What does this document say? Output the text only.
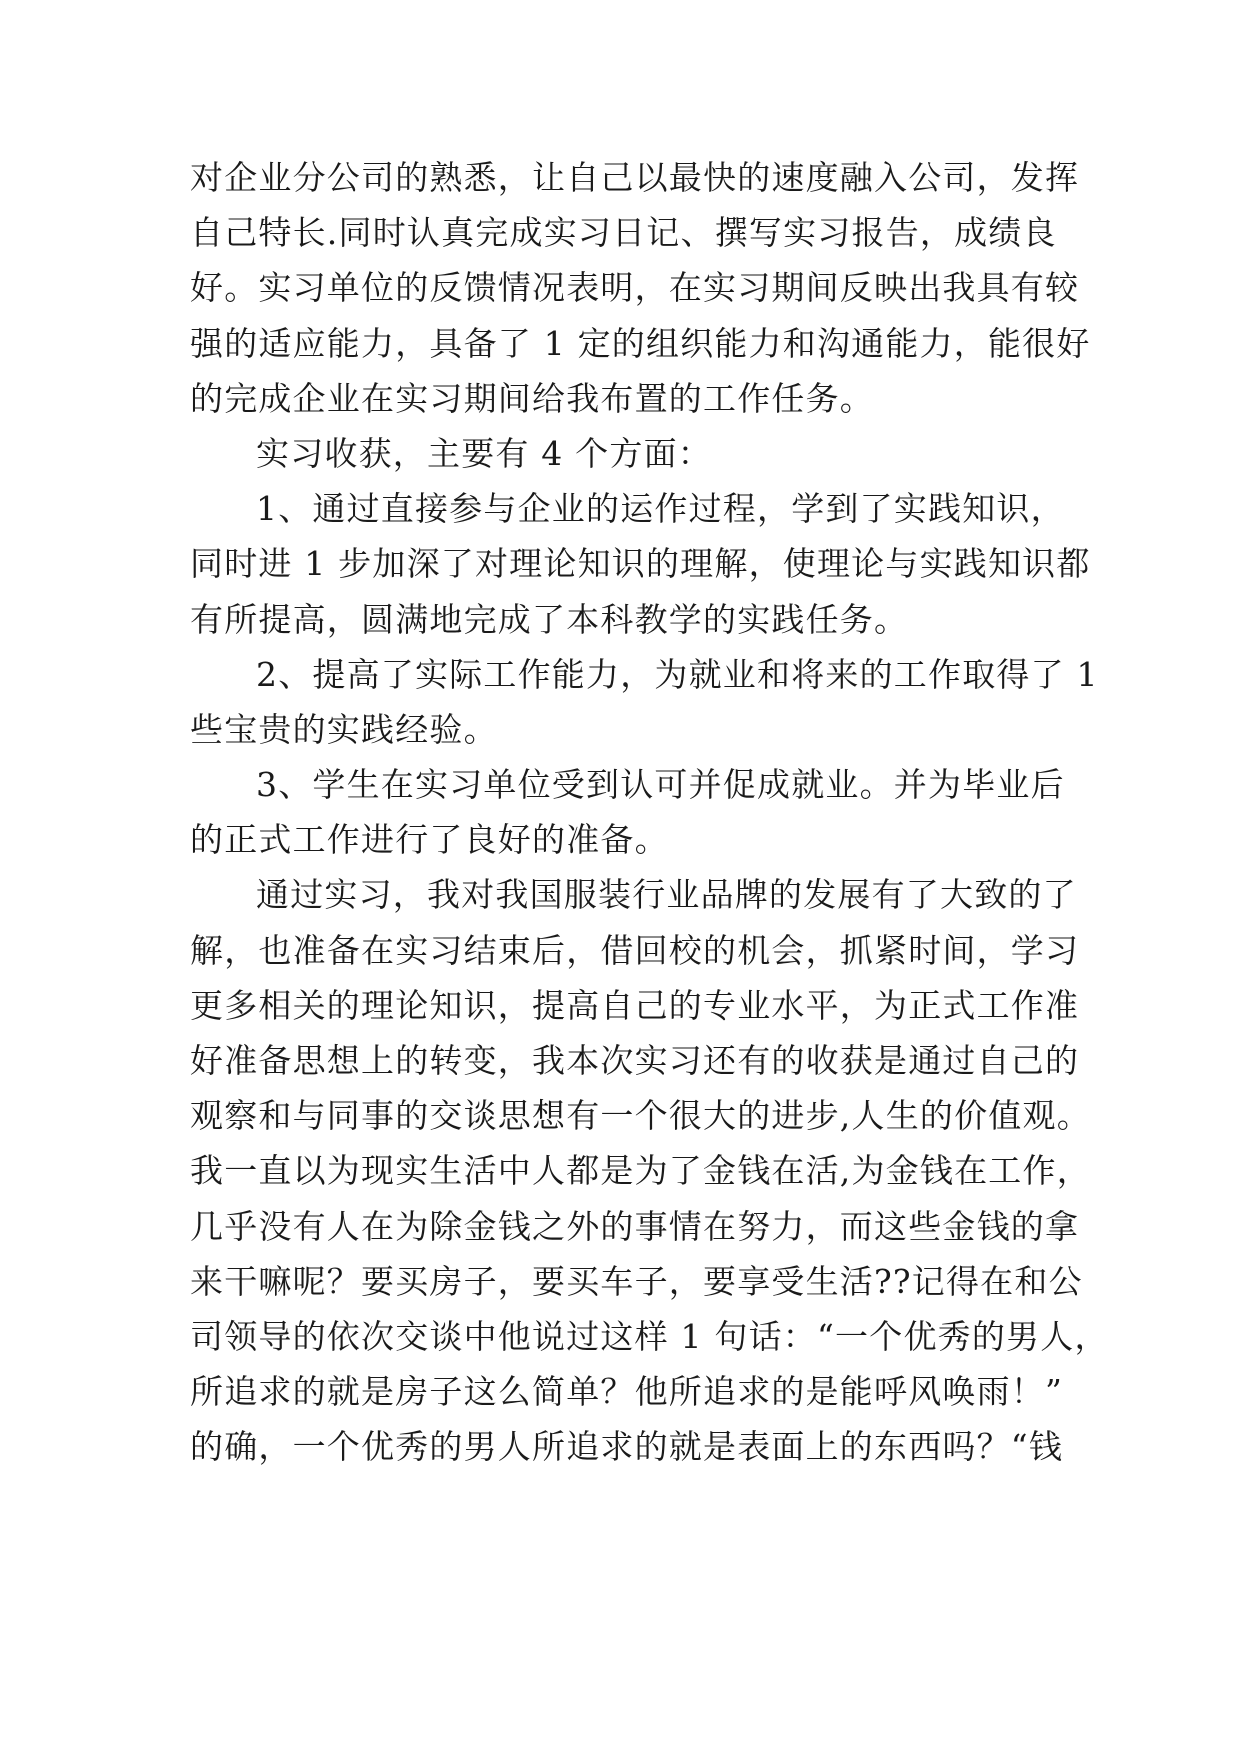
对企业分公司的熟悉，让自己以最快的速度融入公司，发挥
自己特长.同时认真完成实习日记、撰写实习报告，成绩良
好。实习单位的反馈情况表明，在实习期间反映出我具有较
强的适应能力，具备了 1 定的组织能力和沟通能力，能很好
的完成企业在实习期间给我布置的工作任务。
实习收获，主要有 4 个方面：
1、通过直接参与企业的运作过程，学到了实践知识，
同时进 1 步加深了对理论知识的理解，使理论与实践知识都
有所提高，圆满地完成了本科教学的实践任务。
2、提高了实际工作能力，为就业和将来的工作取得了 1
些宝贵的实践经验。
3、学生在实习单位受到认可并促成就业。并为毕业后
的正式工作进行了良好的准备。
通过实习，我对我国服装行业品牌的发展有了大致的了
解，也准备在实习结束后，借回校的机会，抓紧时间，学习
更多相关的理论知识，提高自己的专业水平，为正式工作准
好准备思想上的转变，我本次实习还有的收获是通过自己的
观察和与同事的交谈思想有一个很大的进步,人生的价值观。
我一直以为现实生活中人都是为了金钱在活,为金钱在工作，
几乎没有人在为除金钱之外的事情在努力，而这些金钱的拿
来干嘛呢？要买房子，要买车子，要享受生活??记得在和公
司领导的依次交谈中他说过这样 1 句话：“一个优秀的男人，
所追求的就是房子这么简单？他所追求的是能呼风唤雨！”
的确，一个优秀的男人所追求的就是表面上的东西吗？“钱
